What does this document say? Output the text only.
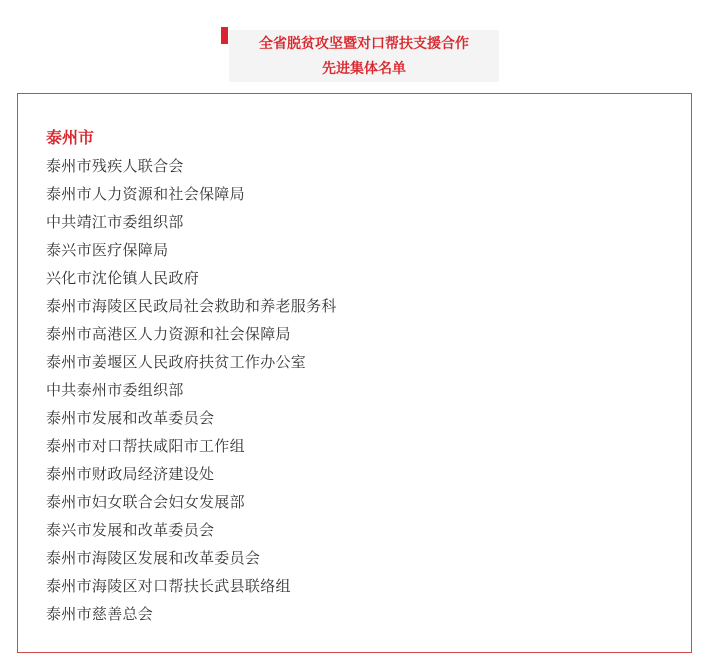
全省脱贫攻坚暨对口帮扶支援合作
先进集体名单
泰州市
泰州市残疾人联合会
泰州市人力资源和社会保障局
中共靖江市委组织部
泰兴市医疗保障局
兴化市沈伦镇人民政府
泰州市海陵区民政局社会救助和养老服务科
泰州市高港区人力资源和社会保障局
泰州市姜堰区人民政府扶贫工作办公室
中共泰州市委组织部
泰州市发展和改革委员会
泰州市对口帮扶咸阳市工作组
泰州市财政局经济建设处
泰州市妇女联合会妇女发展部
泰兴市发展和改革委员会
泰州市海陵区发展和改革委员会
泰州市海陵区对口帮扶长武县联络组
泰州市慈善总会
